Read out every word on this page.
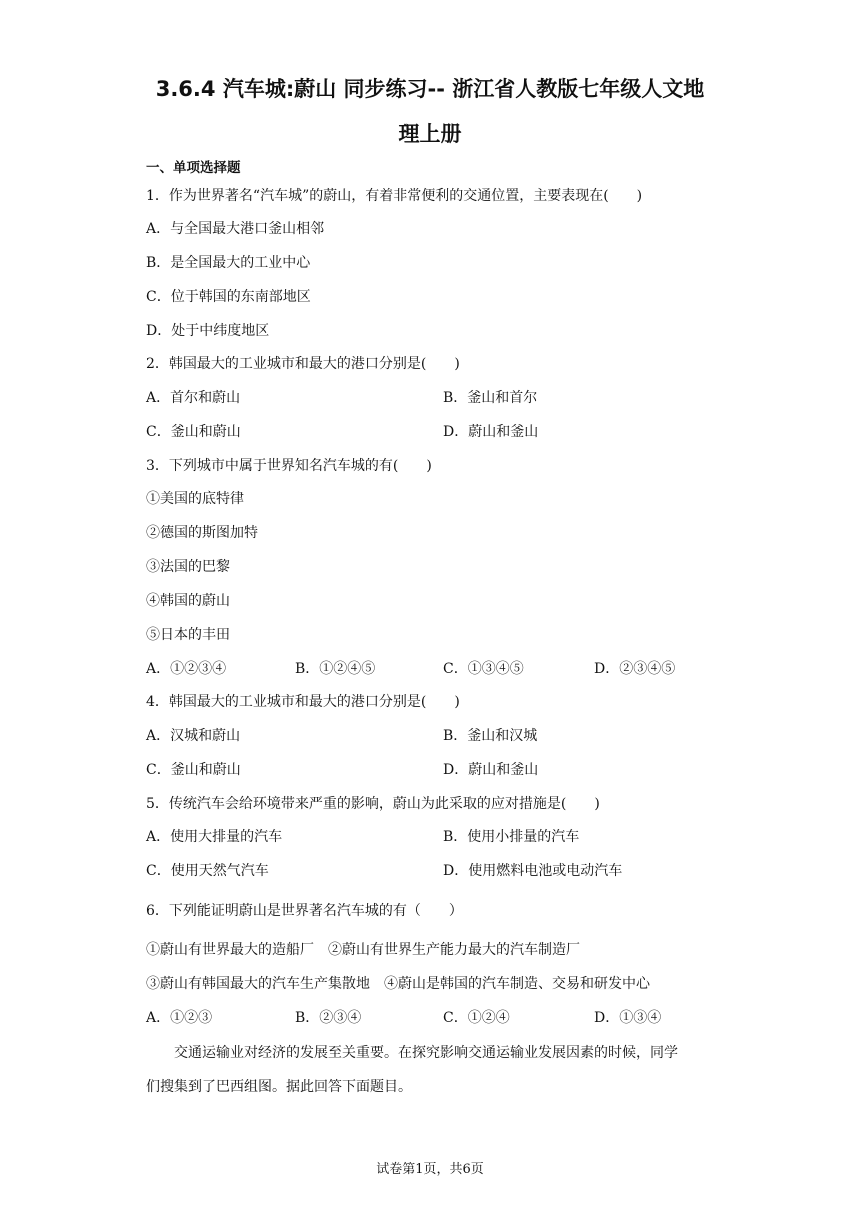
3.6.4 汽车城:蔚山 同步练习-- 浙江省人教版七年级人文地
理上册
一、单项选择题
1．作为世界著名“汽车城”的蔚山，有着非常便利的交通位置，主要表现在(　　)
A．与全国最大港口釜山相邻
B．是全国最大的工业中心
C．位于韩国的东南部地区
D．处于中纬度地区
2．韩国最大的工业城市和最大的港口分别是(　　)
A．首尔和蔚山	B．釜山和首尔
C．釜山和蔚山	D．蔚山和釜山
3．下列城市中属于世界知名汽车城的有(　　)
①美国的底特律
②德国的斯图加特
③法国的巴黎
④韩国的蔚山
⑤日本的丰田
A．①②③④	B．①②④⑤	C．①③④⑤	D．②③④⑤
4．韩国最大的工业城市和最大的港口分别是(　　)
A．汉城和蔚山	B．釜山和汉城
C．釜山和蔚山	D．蔚山和釜山
5．传统汽车会给环境带来严重的影响，蔚山为此采取的应对措施是(　　)
A．使用大排量的汽车	B．使用小排量的汽车
C．使用天然气汽车	D．使用燃料电池或电动汽车
6．下列能证明蔚山是世界著名汽车城的有（　　）
①蔚山有世界最大的造船厂　②蔚山有世界生产能力最大的汽车制造厂
③蔚山有韩国最大的汽车生产集散地　④蔚山是韩国的汽车制造、交易和研发中心
A．①②③	B．②③④	C．①②④	D．①③④
交通运输业对经济的发展至关重要。在探究影响交通运输业发展因素的时候，同学
们搜集到了巴西组图。据此回答下面题目。
试卷第1页，共6页
